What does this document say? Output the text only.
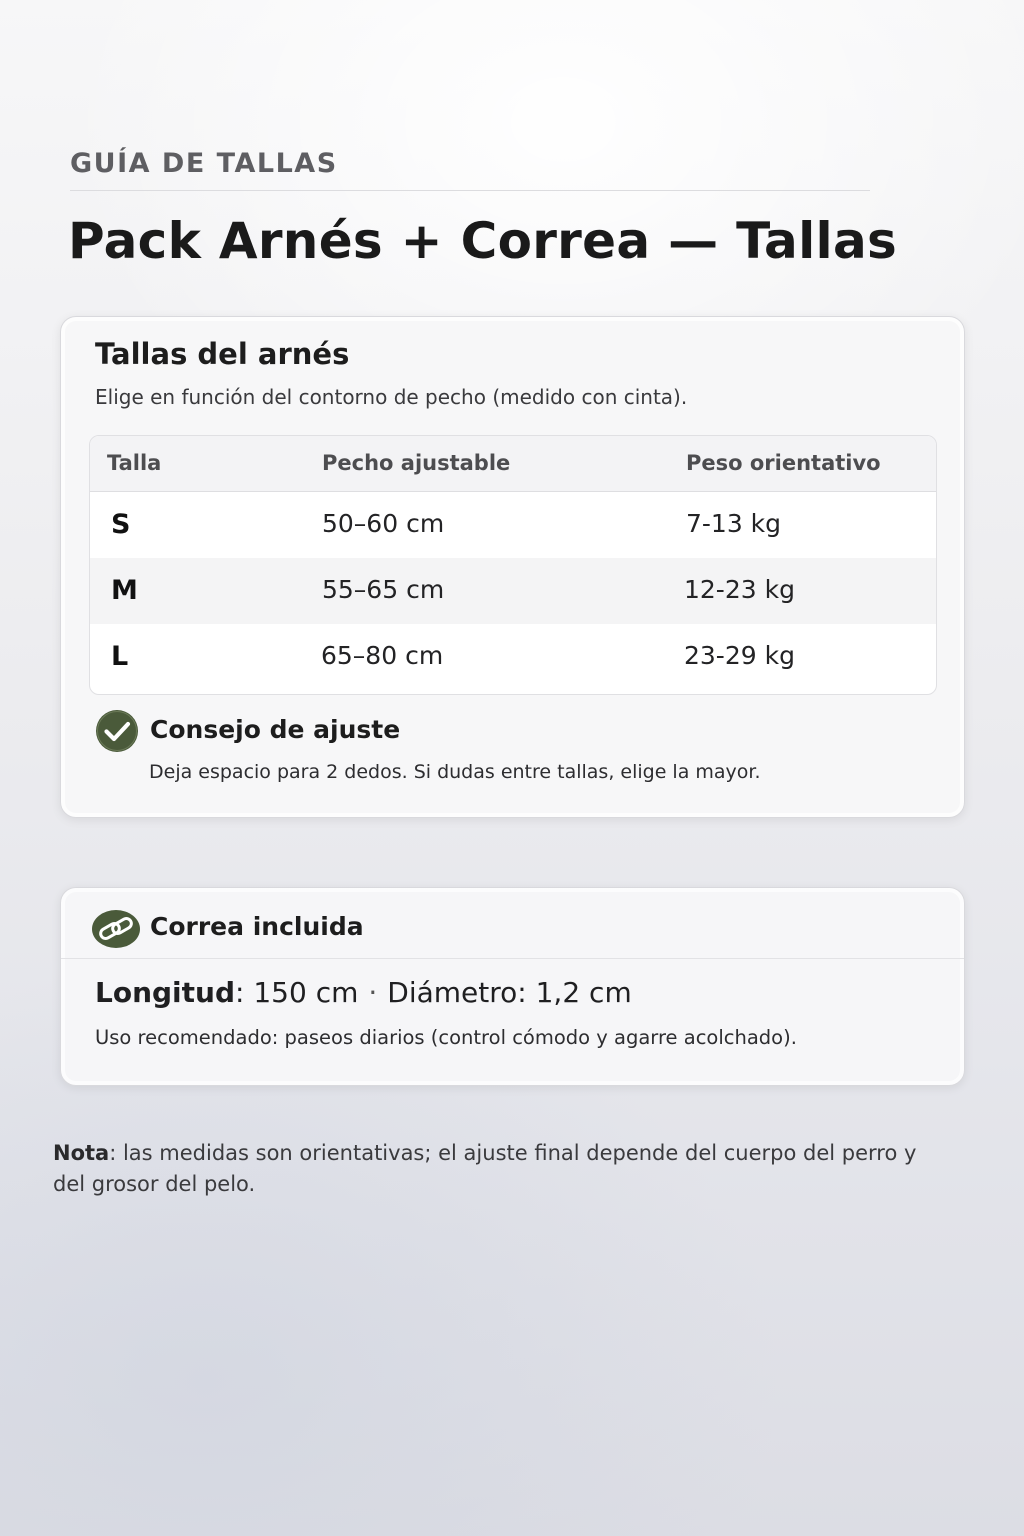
GUÍA DE TALLAS
Pack Arnés + Correa — Tallas
Tallas del arnés
Elige en función del contorno de pecho (medido con cinta).
Talla	Pecho ajustable	Peso orientativo
S	50–60 cm	7-13 kg
M	55–65 cm	12-23 kg
L	65–80 cm	23-29 kg
Consejo de ajuste
Deja espacio para 2 dedos. Si dudas entre tallas, elige la mayor.
Correa incluida
Longitud: 150 cm · Diámetro: 1,2 cm
Uso recomendado: paseos diarios (control cómodo y agarre acolchado).
Nota: las medidas son orientativas; el ajuste final depende del cuerpo del perro y del grosor del pelo.
